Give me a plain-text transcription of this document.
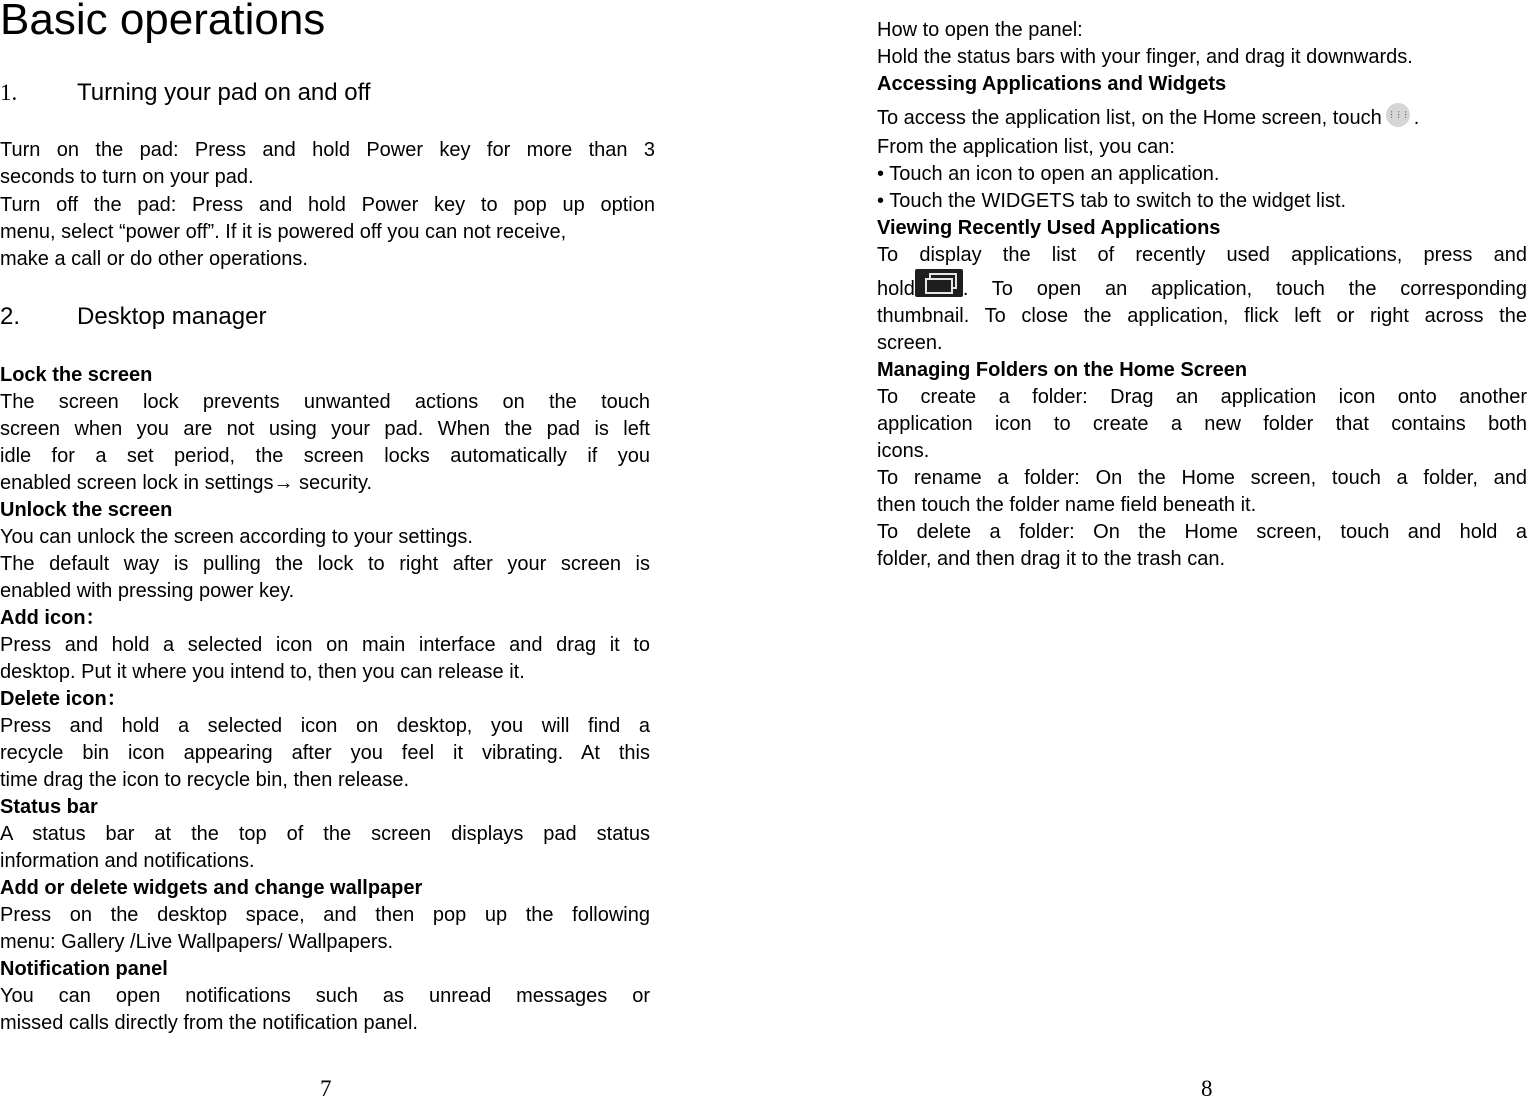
Basic operations
1. Turning your pad on and off
Turn on the pad: Press and hold Power key for more than 3
seconds to turn on your pad.
Turn off the pad: Press and hold Power key to pop up option
menu, select “power off”. If it is powered off you can not receive,
make a call or do other operations.
2. Desktop manager
Lock the screen
The screen lock prevents unwanted actions on the touch
screen when you are not using your pad. When the pad is left
idle for a set period, the screen locks automatically if you
enabled screen lock in settings→ security.
Unlock the screen
You can unlock the screen according to your settings.
The default way is pulling the lock to right after your screen is
enabled with pressing power key.
Add icon：
Press and hold a selected icon on main interface and drag it to
desktop. Put it where you intend to, then you can release it.
Delete icon：
Press and hold a selected icon on desktop, you will find a
recycle bin icon appearing after you feel it vibrating. At this
time drag the icon to recycle bin, then release.
Status bar
A status bar at the top of the screen displays pad status
information and notifications.
Add or delete widgets and change wallpaper
Press on the desktop space, and then pop up the following
menu: Gallery /Live Wallpapers/ Wallpapers.
Notification panel
You can open notifications such as unread messages or
missed calls directly from the notification panel.
7
How to open the panel:
Hold the status bars with your finger, and drag it downwards.
Accessing Applications and Widgets
To access the application list, on the Home screen, touch⋮⋮⋮ .
From the application list, you can:
• Touch an icon to open an application.
• Touch the WIDGETS tab to switch to the widget list.
Viewing Recently Used Applications
To display the list of recently used applications, press and
hold . To open an application, touch the corresponding
thumbnail. To close the application, flick left or right across the
screen.
Managing Folders on the Home Screen
To create a folder: Drag an application icon onto another
application icon to create a new folder that contains both
icons.
To rename a folder: On the Home screen, touch a folder, and
then touch the folder name field beneath it.
To delete a folder: On the Home screen, touch and hold a
folder, and then drag it to the trash can.
8
